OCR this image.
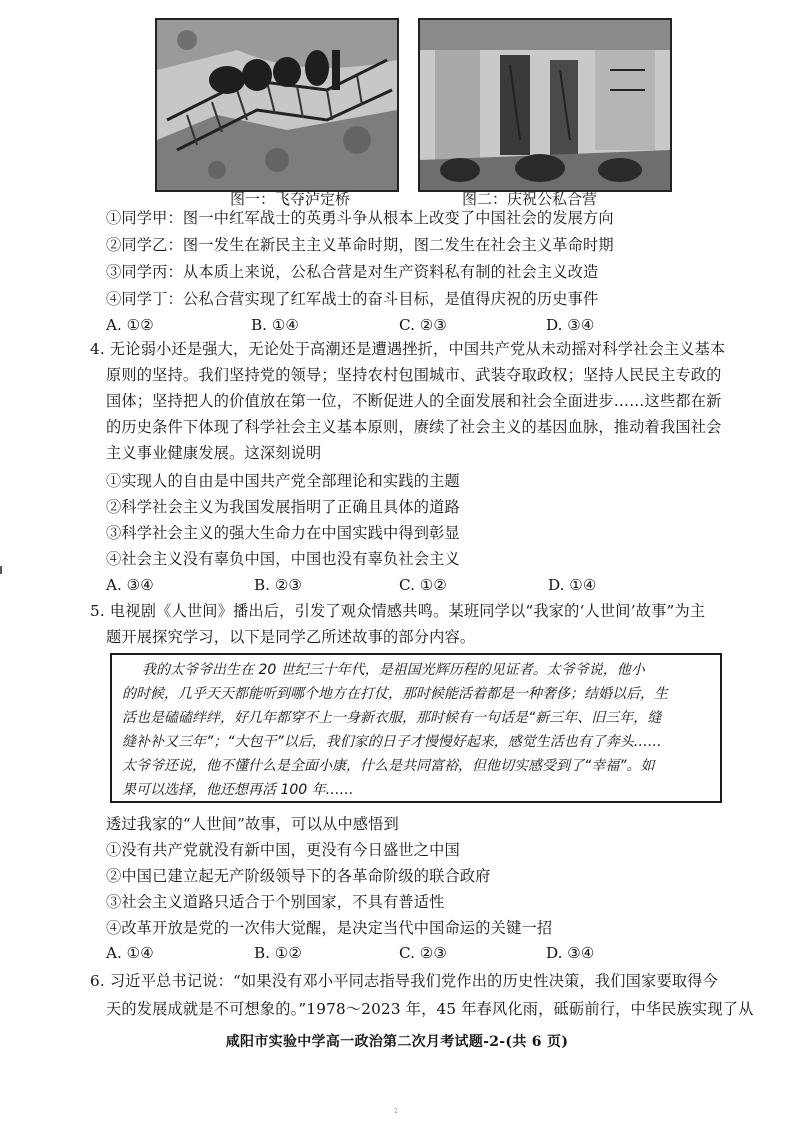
图一：飞夺泸定桥	图二：庆祝公私合营
①同学甲：图一中红军战士的英勇斗争从根本上改变了中国社会的发展方向
②同学乙：图一发生在新民主主义革命时期，图二发生在社会主义革命时期
③同学丙：从本质上来说，公私合营是对生产资料私有制的社会主义改造
④同学丁：公私合营实现了红军战士的奋斗目标，是值得庆祝的历史事件
A. ①②	B. ①④	C. ②③	D. ③④
4. 无论弱小还是强大，无论处于高潮还是遭遇挫折，中国共产党从未动摇对科学社会主义基本
原则的坚持。我们坚持党的领导；坚持农村包围城市、武装夺取政权；坚持人民民主专政的
国体；坚持把人的价值放在第一位，不断促进人的全面发展和社会全面进步……这些都在新
的历史条件下体现了科学社会主义基本原则，赓续了社会主义的基因血脉，推动着我国社会
主义事业健康发展。这深刻说明
①实现人的自由是中国共产党全部理论和实践的主题
②科学社会主义为我国发展指明了正确且具体的道路
③科学社会主义的强大生命力在中国实践中得到彰显
④社会主义没有辜负中国，中国也没有辜负社会主义
A. ③④	B. ②③	C. ①②	D. ①④
5. 电视剧《人世间》播出后，引发了观众情感共鸣。某班同学以“我家的‘人世间’故事”为主
题开展探究学习，以下是同学乙所述故事的部分内容。
我的太爷爷出生在 20 世纪三十年代，是祖国光辉历程的见证者。太爷爷说，他小
的时候，几乎天天都能听到哪个地方在打仗，那时候能活着都是一种奢侈；结婚以后，生
活也是磕磕绊绊，好几年都穿不上一身新衣服，那时候有一句话是“新三年、旧三年，缝
缝补补又三年”；“大包干”以后，我们家的日子才慢慢好起来，感觉生活也有了奔头……
太爷爷还说，他不懂什么是全面小康，什么是共同富裕，但他切实感受到了“幸福”。如
果可以选择，他还想再活 100 年……
透过我家的“人世间”故事，可以从中感悟到
①没有共产党就没有新中国，更没有今日盛世之中国
②中国已建立起无产阶级领导下的各革命阶级的联合政府
③社会主义道路只适合于个别国家，不具有普适性
④改革开放是党的一次伟大觉醒，是决定当代中国命运的关键一招
A. ①④	B. ①②	C. ②③	D. ③④
6. 习近平总书记说：“如果没有邓小平同志指导我们党作出的历史性决策，我们国家要取得今
天的发展成就是不可想象的。”1978～2023 年，45 年春风化雨，砥砺前行，中华民族实现了从
咸阳市实验中学高一政治第二次月考试题-2-(共 6 页)
2
